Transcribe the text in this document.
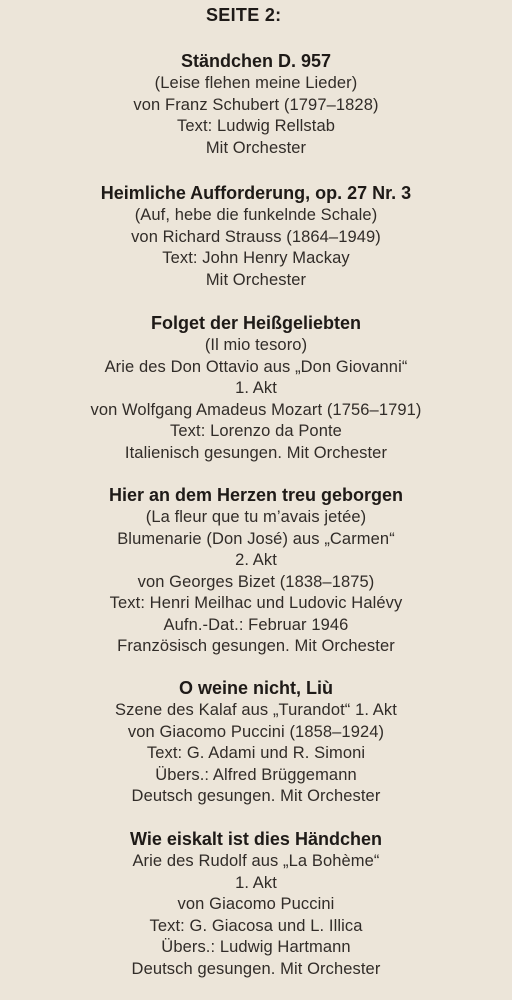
SEITE 2:
Ständchen D. 957
(Leise flehen meine Lieder)
von Franz Schubert (1797–1828)
Text: Ludwig Rellstab
Mit Orchester
Heimliche Aufforderung, op. 27 Nr. 3
(Auf, hebe die funkelnde Schale)
von Richard Strauss (1864–1949)
Text: John Henry Mackay
Mit Orchester
Folget der Heißgeliebten
(Il mio tesoro)
Arie des Don Ottavio aus „Don Giovanni“
1. Akt
von Wolfgang Amadeus Mozart (1756–1791)
Text: Lorenzo da Ponte
Italienisch gesungen. Mit Orchester
Hier an dem Herzen treu geborgen
(La fleur que tu m’avais jetée)
Blumenarie (Don José) aus „Carmen“
2. Akt
von Georges Bizet (1838–1875)
Text: Henri Meilhac und Ludovic Halévy
Aufn.-Dat.: Februar 1946
Französisch gesungen. Mit Orchester
O weine nicht, Liù
Szene des Kalaf aus „Turandot“ 1. Akt
von Giacomo Puccini (1858–1924)
Text: G. Adami und R. Simoni
Übers.: Alfred Brüggemann
Deutsch gesungen. Mit Orchester
Wie eiskalt ist dies Händchen
Arie des Rudolf aus „La Bohème“
1. Akt
von Giacomo Puccini
Text: G. Giacosa und L. Illica
Übers.: Ludwig Hartmann
Deutsch gesungen. Mit Orchester
